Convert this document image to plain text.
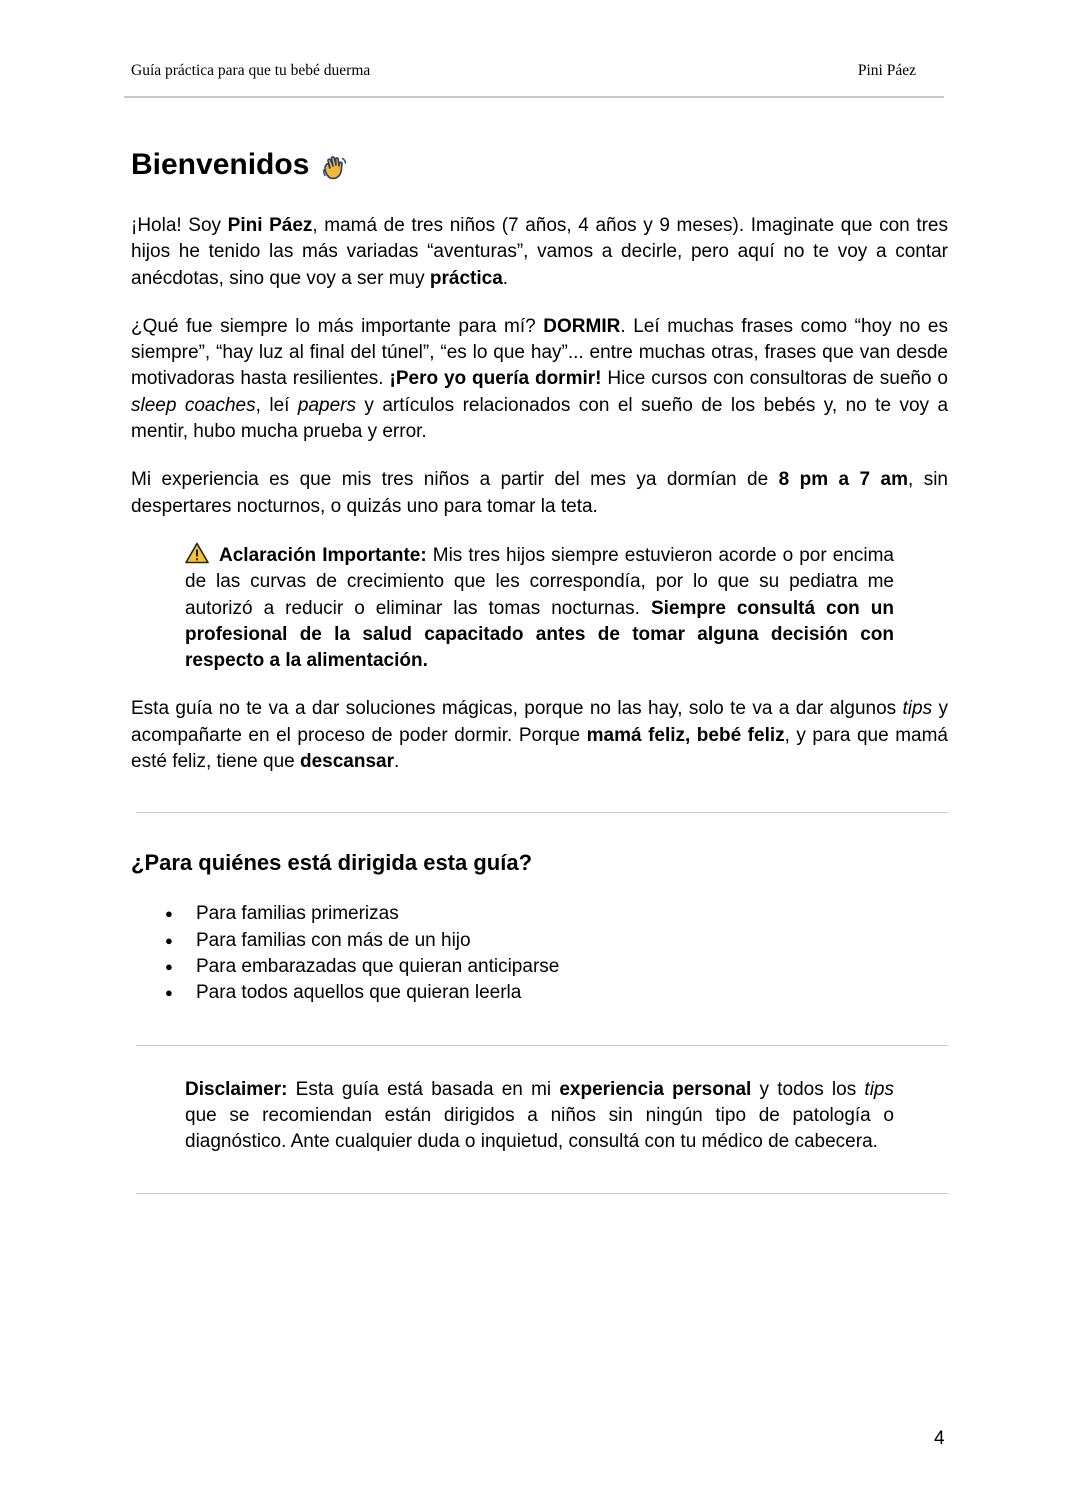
Guía práctica para que tu bebé duerma	Pini Páez
Bienvenidos

¡Hola! Soy Pini Páez, mamá de tres niños (7 años, 4 años y 9 meses). Imaginate que con tres hijos he tenido las más variadas “aventuras”, vamos a decirle, pero aquí no te voy a contar anécdotas, sino que voy a ser muy práctica.

¿Qué fue siempre lo más importante para mí? DORMIR. Leí muchas frases como “hoy no es siempre”, “hay luz al final del túnel”, “es lo que hay”... entre muchas otras, frases que van desde motivadoras hasta resilientes. ¡Pero yo quería dormir! Hice cursos con consultoras de sueño o sleep coaches, leí papers y artículos relacionados con el sueño de los bebés y, no te voy a mentir, hubo mucha prueba y error.

Mi experiencia es que mis tres niños a partir del mes ya dormían de 8 pm a 7 am, sin despertares nocturnos, o quizás uno para tomar la teta.

Aclaración Importante: Mis tres hijos siempre estuvieron acorde o por encima de las curvas de crecimiento que les correspondía, por lo que su pediatra me autorizó a reducir o eliminar las tomas nocturnas. Siempre consultá con un profesional de la salud capacitado antes de tomar alguna decisión con respecto a la alimentación.

Esta guía no te va a dar soluciones mágicas, porque no las hay, solo te va a dar algunos tips y acompañarte en el proceso de poder dormir. Porque mamá feliz, bebé feliz, y para que mamá esté feliz, tiene que descansar.

¿Para quiénes está dirigida esta guía?
● Para familias primerizas
● Para familias con más de un hijo
● Para embarazadas que quieran anticiparse
● Para todos aquellos que quieran leerla

Disclaimer: Esta guía está basada en mi experiencia personal y todos los tips que se recomiendan están dirigidos a niños sin ningún tipo de patología o diagnóstico. Ante cualquier duda o inquietud, consultá con tu médico de cabecera.

4
